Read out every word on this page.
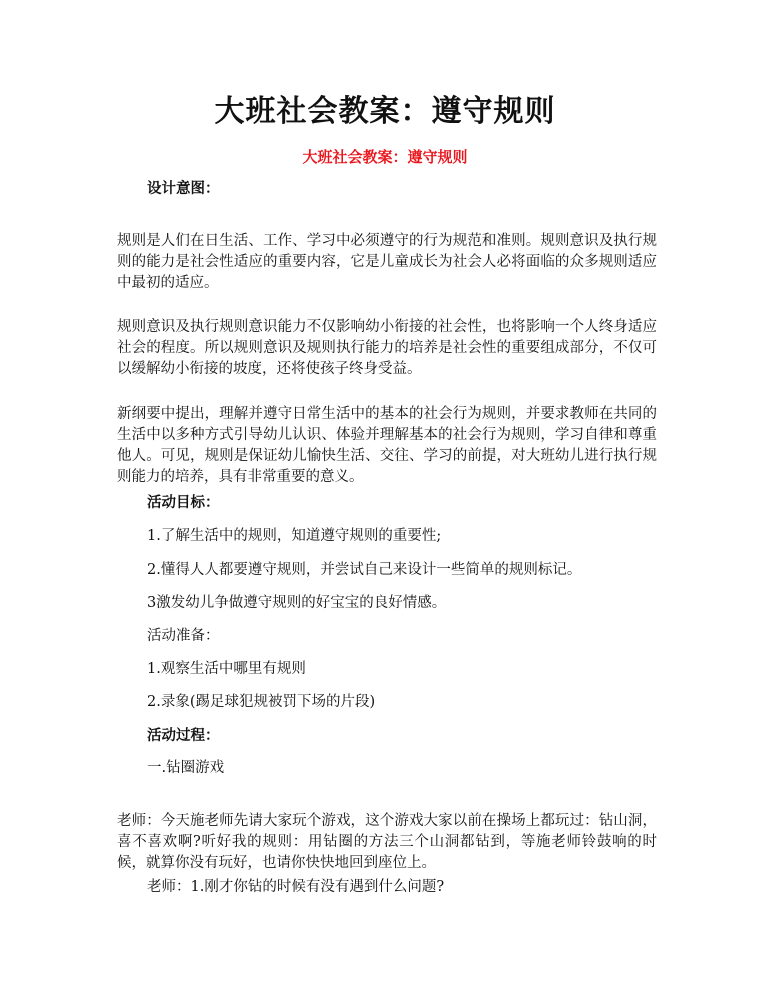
大班社会教案：遵守规则

大班社会教案：遵守规则

设计意图：

规则是人们在日生活、工作、学习中必须遵守的行为规范和准则。规则意识及执行规则的能力是社会性适应的重要内容，它是儿童成长为社会人必将面临的众多规则适应中最初的适应。

规则意识及执行规则意识能力不仅影响幼小衔接的社会性，也将影响一个人终身适应社会的程度。所以规则意识及规则执行能力的培养是社会性的重要组成部分，不仅可以缓解幼小衔接的坡度，还将使孩子终身受益。

新纲要中提出，理解并遵守日常生活中的基本的社会行为规则，并要求教师在共同的生活中以多种方式引导幼儿认识、体验并理解基本的社会行为规则，学习自律和尊重他人。可见，规则是保证幼儿愉快生活、交往、学习的前提，对大班幼儿进行执行规则能力的培养，具有非常重要的意义。

活动目标：

1.了解生活中的规则，知道遵守规则的重要性;

2.懂得人人都要遵守规则，并尝试自己来设计一些简单的规则标记。

3激发幼儿争做遵守规则的好宝宝的良好情感。

活动准备：

1.观察生活中哪里有规则

2.录象(踢足球犯规被罚下场的片段)

活动过程：

一.钻圈游戏

老师：今天施老师先请大家玩个游戏，这个游戏大家以前在操场上都玩过：钻山洞，喜不喜欢啊?听好我的规则：用钻圈的方法三个山洞都钻到，等施老师铃鼓响的时候，就算你没有玩好，也请你快快地回到座位上。

老师：1.刚才你钻的时候有没有遇到什么问题?
